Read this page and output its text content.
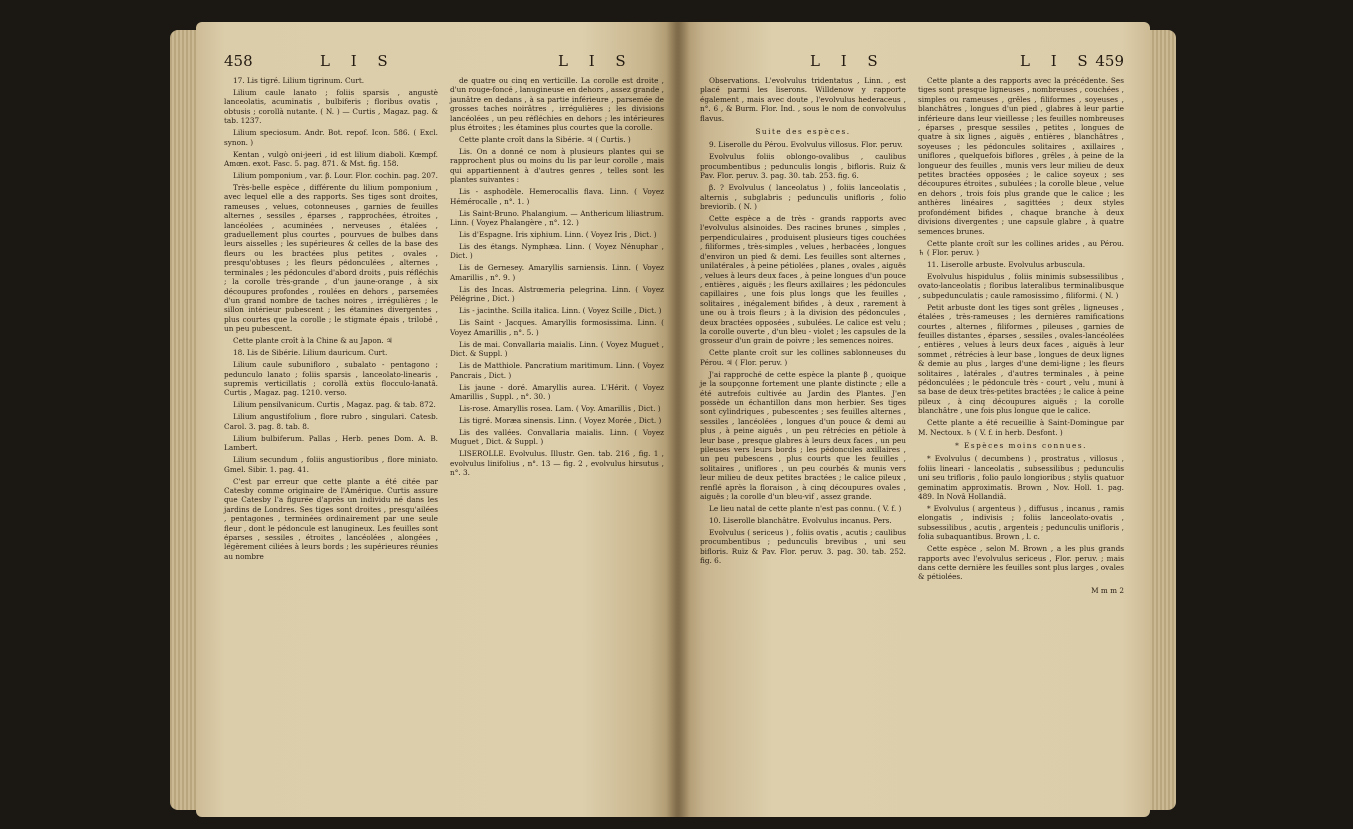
458	L I S	L I S

17. Lis tigré. Lilium tigrinum. Curt.

Lilium caule lanato ; foliis sparsis , angustè lanceolatis, acuminatis , bulbiferis ; floribus ovatis , obtusis ; corollà nutante. ( N. ) — Curtis , Magaz. pag. & tab. 1237.

Lilium speciosum. Andr. Bot. repof. Icon. 586. ( Excl. synon. )

Kentan , vulgò oni-jeeri , id est lilium diaboli. Kœmpf. Amœn. exot. Fasc. 5. pag. 871. & Mst. fig. 158.

Lilium pomponium , var. β. Lour. Flor. cochin. pag. 207.

Très-belle espèce , différente du lilium pomponium , avec lequel elle a des rapports. Ses tiges sont droites, rameuses , velues, cotonneuses , garnies de feuilles alternes , sessiles , éparses , rapprochées, étroites , lancéolées , acuminées , nerveuses , étalées , graduellement plus courtes , pourvues de bulbes dans leurs aisselles ; les supérieures & celles de la base des fleurs ou les bractées plus petites , ovales , presqu'obtuses ; les fleurs pédonculées , alternes , terminales ; les pédoncules d'abord droits , puis réfléchis ; la corolle très-grande , d'un jaune-orange , à six découpures profondes , roulées en dehors , parsemées d'un grand nombre de taches noires , irrégulières ; le sillon intérieur pubescent ; les étamines divergentes , plus courtes que la corolle ; le stigmate épais , trilobé , un peu pubescent.

Cette plante croît à la Chine & au Japon. ♃

18. Lis de Sibérie. Lilium dauricum. Curt.

Lilium caule subunifloro , subalato - pentagono ; pedunculo lanato ; foliis sparsis , lanceolato-linearis , supremis verticillatis ; corollà extùs flocculo-lanatâ. Curtis , Magaz. pag. 1210. verso.

Lilium pensilvanicum. Curtis , Magaz. pag. & tab. 872.

Lilium angustifolium , flore rubro , singulari. Catesb. Carol. 3. pag. 8. tab. 8.

Lilium bulbiferum. Pallas , Herb. penes Dom. A. B. Lambert.

Lilium secundum , foliis angustioribus , flore miniato. Gmel. Sibir. 1. pag. 41.

C'est par erreur que cette plante a été citée par Catesby comme originaire de l'Amérique. Curtis assure que Catesby l'a figurée d'après un individu né dans les jardins de Londres. Ses tiges sont droites , presqu'ailées , pentagones , terminées ordinairement par une seule fleur , dont le pédoncule est lanugineux. Les feuilles sont éparses , sessiles , étroites , lancéolées , alongées , légèrement ciliées à leurs bords ; les supérieures réunies au nombre

de quatre ou cinq en verticille. La corolle est droite , d'un rouge-foncé , lanugineuse en dehors , assez grande , jaunâtre en dedans , à sa partie inférieure , parsemée de grosses taches noirâtres , irrégulières ; les divisions lancéolées , un peu réfléchies en dehors ; les intérieures plus étroites ; les étamines plus courtes que la corolle.

Cette plante croît dans la Sibérie. ♃ ( Curtis. )

Lis. On a donné ce nom à plusieurs plantes qui se rapprochent plus ou moins du lis par leur corolle , mais qui appartiennent à d'autres genres , telles sont les plantes suivantes :

Lis - asphodèle. Hemerocallis flava. Linn. ( Voyez Hémérocalle , n°. 1. )

Lis Saint-Bruno. Phalangium. — Anthericum liliastrum. Linn. ( Voyez Phalangère , n°. 12. )

Lis d'Espagne. Iris xiphium. Linn. ( Voyez Iris , Dict. )

Lis des étangs. Nymphæa. Linn. ( Voyez Nénuphar , Dict. )

Lis de Gernesey. Amaryllis sarniensis. Linn. ( Voyez Amarillis , n°. 9. )

Lis des Incas. Alstrœmeria pelegrina. Linn. ( Voyez Pélégrine , Dict. )

Lis - jacinthe. Scilla italica. Linn. ( Voyez Scille , Dict. )

Lis Saint - Jacques. Amaryllis formosissima. Linn. ( Voyez Amarillis , n°. 5. )

Lis de mai. Convallaria maialis. Linn. ( Voyez Muguet , Dict. & Suppl. )

Lis de Matthiole. Pancratium maritimum. Linn. ( Voyez Pancrais , Dict. )

Lis jaune - doré. Amaryllis aurea. L'Hérit. ( Voyez Amarillis , Suppl. , n°. 30. )

Lis-rose. Amaryllis rosea. Lam. ( Voy. Amarillis , Dict. )

Lis tigré. Moræa sinensis. Linn. ( Voyez Morée , Dict. )

Lis des vallées. Convallaria maialis. Linn. ( Voyez Muguet , Dict. & Suppl. )

LISEROLLE. Evolvulus. Illustr. Gen. tab. 216 , fig. 1 , evolvulus linifolius , n°. 13 — fig. 2 , evolvulus hirsutus , n°. 3.

L I S	L I S 459

Observations. L'evolvulus tridentatus , Linn. , est placé parmi les liserons. Willdenow y rapporte également , mais avec doute , l'evolvulus hederaceus , n°. 6 , & Burm. Flor. Ind. , sous le nom de convolvulus flavus.

Suite des espèces.

9. Liserolle du Pérou. Evolvulus villosus. Flor. peruv.

Evolvulus foliis oblongo-ovalibus , caulibus procumbentibus ; pedunculis longis , bifloris. Ruiz & Pav. Flor. peruv. 3. pag. 30. tab. 253. fig. 6.

β. ? Evolvulus ( lanceolatus ) , foliis lanceolatis , alternis , subglabris ; pedunculis unifloris , folio breviorib. ( N. )

Cette espèce a de très - grands rapports avec l'evolvulus alsinoides. Des racines brunes , simples , perpendiculaires , produisent plusieurs tiges couchées , filiformes , très-simples , velues , herbacées , longues d'environ un pied & demi. Les feuilles sont alternes , unilatérales , à peine pétiolées , planes , ovales , aiguës , velues à leurs deux faces , à peine longues d'un pouce , entières , aiguës ; les fleurs axillaires ; les pédoncules capillaires , une fois plus longs que les feuilles , solitaires , inégalement bifides , à deux , rarement à une ou à trois fleurs ; à la division des pédoncules , deux bractées opposées , subulées. Le calice est velu ; la corolle ouverte , d'un bleu - violet ; les capsules de la grosseur d'un grain de poivre ; les semences noires.

Cette plante croît sur les collines sablonneuses du Pérou. ♃ ( Flor. peruv. )

J'ai rapproché de cette espèce la plante β , quoique je la soupçonne fortement une plante distincte ; elle a été autrefois cultivée au Jardin des Plantes. J'en possède un échantillon dans mon herbier. Ses tiges sont cylindriques , pubescentes ; ses feuilles alternes , sessiles , lancéolées , longues d'un pouce & demi au plus , à peine aiguës , un peu rétrécies en pétiole à leur base , presque glabres à leurs deux faces , un peu pileuses vers leurs bords ; les pédoncules axillaires , un peu pubescens , plus courts que les feuilles , solitaires , uniflores , un peu courbés & munis vers leur milieu de deux petites bractées ; le calice pileux , renflé après la floraison , à cinq découpures ovales , aiguës ; la corolle d'un bleu-vif , assez grande.

Le lieu natal de cette plante n'est pas connu. ( V. f. )

10. Liserolle blanchâtre. Evolvulus incanus. Pers.

Evolvulus ( sericeus ) , foliis ovatis , acutis ; caulibus procumbentibus ; pedunculis brevibus , uni seu bifloris. Ruiz & Pav. Flor. peruv. 3. pag. 30. tab. 252. fig. 6.

Cette plante a des rapports avec la précédente. Ses tiges sont presque ligneuses , nombreuses , couchées , simples ou rameuses , grêles , filiformes , soyeuses , blanchâtres , longues d'un pied , glabres à leur partie inférieure dans leur vieillesse ; les feuilles nombreuses , éparses , presque sessiles , petites , longues de quatre à six lignes , aiguës , entières , blanchâtres , soyeuses ; les pédoncules solitaires , axillaires , uniflores , quelquefois biflores , grêles , à peine de la longueur des feuilles , munis vers leur milieu de deux petites bractées opposées ; le calice soyeux ; ses découpures étroites , subulées ; la corolle bleue , velue en dehors , trois fois plus grande que le calice ; les anthères linéaires , sagittées ; deux styles profondément bifides , chaque branche à deux divisions divergentes ; une capsule glabre , à quatre semences brunes.

Cette plante croît sur les collines arides , au Pérou. ♄ ( Flor. peruv. )

11. Liserolle arbuste. Evolvulus arbuscula.

Evolvulus hispidulus , foliis minimis subsessilibus , ovato-lanceolatis ; floribus lateralibus terminalibusque , subpedunculatis ; caule ramosissimo , filiformi. ( N. )

Petit arbuste dont les tiges sont grêles , ligneuses , étalées , très-rameuses ; les dernières ramifications courtes , alternes , filiformes , pileuses , garnies de feuilles distantes , éparses , sessiles , ovales-lancéolées , entières , velues à leurs deux faces , aiguës à leur sommet , rétrécies à leur base , longues de deux lignes & demie au plus , larges d'une demi-ligne ; les fleurs solitaires , latérales , d'autres terminales , à peine pédonculées ; le pédoncule très - court , velu , muni à sa base de deux très-petites bractées ; le calice à peine pileux , à cinq découpures aiguës ; la corolle blanchâtre , une fois plus longue que le calice.

Cette plante a été recueillie à Saint-Domingue par M. Nectoux. ♄ ( V. f. in herb. Desfont. )

* Espèces moins connues.

* Evolvulus ( decumbens ) , prostratus , villosus , foliis lineari - lanceolatis , subsessilibus ; pedunculis uni seu trifloris , folio paulo longioribus ; stylis quatuor geminatim approximatis. Brown , Nov. Holl. 1. pag. 489. In Novâ Hollandiâ.

* Evolvulus ( argenteus ) , diffusus , incanus , ramis elongatis , indivisis ; foliis lanceolato-ovatis , subsessilibus , acutis , argenteis ; pedunculis unifloris , folia subaquantibus. Brown , l. c.

Cette espèce , selon M. Brown , a les plus grands rapports avec l'evolvulus sericeus , Flor. peruv. ; mais dans cette dernière les feuilles sont plus larges , ovales & pétiolées.

M m m 2
